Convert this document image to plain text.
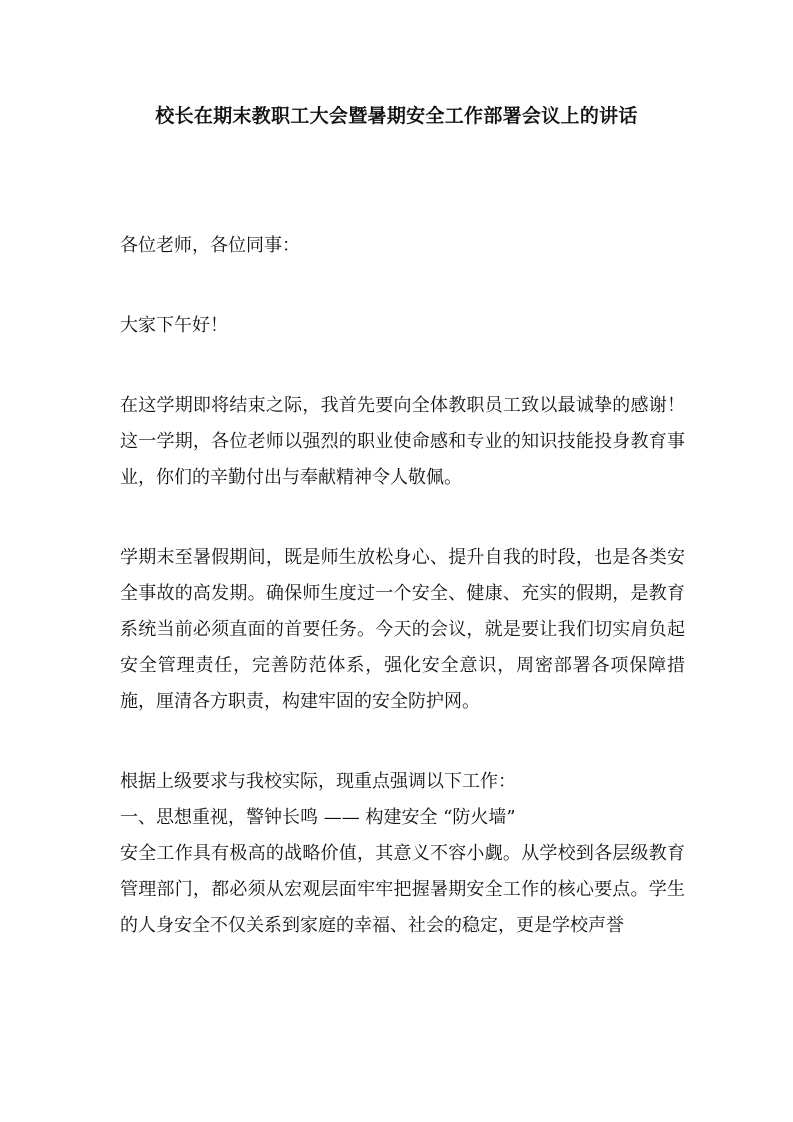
校长在期末教职工大会暨暑期安全工作部署会议上的讲话

各位老师，各位同事：

大家下午好！

在这学期即将结束之际，我首先要向全体教职员工致以最诚挚的感谢！这一学期，各位老师以强烈的职业使命感和专业的知识技能投身教育事业，你们的辛勤付出与奉献精神令人敬佩。

学期末至暑假期间，既是师生放松身心、提升自我的时段，也是各类安全事故的高发期。确保师生度过一个安全、健康、充实的假期，是教育系统当前必须直面的首要任务。今天的会议，就是要让我们切实肩负起安全管理责任，完善防范体系，强化安全意识，周密部署各项保障措施，厘清各方职责，构建牢固的安全防护网。

根据上级要求与我校实际，现重点强调以下工作：

一、思想重视，警钟长鸣 —— 构建安全 “防火墙”

安全工作具有极高的战略价值，其意义不容小觑。从学校到各层级教育管理部门，都必须从宏观层面牢牢把握暑期安全工作的核心要点。学生的人身安全不仅关系到家庭的幸福、社会的稳定，更是学校声誉
